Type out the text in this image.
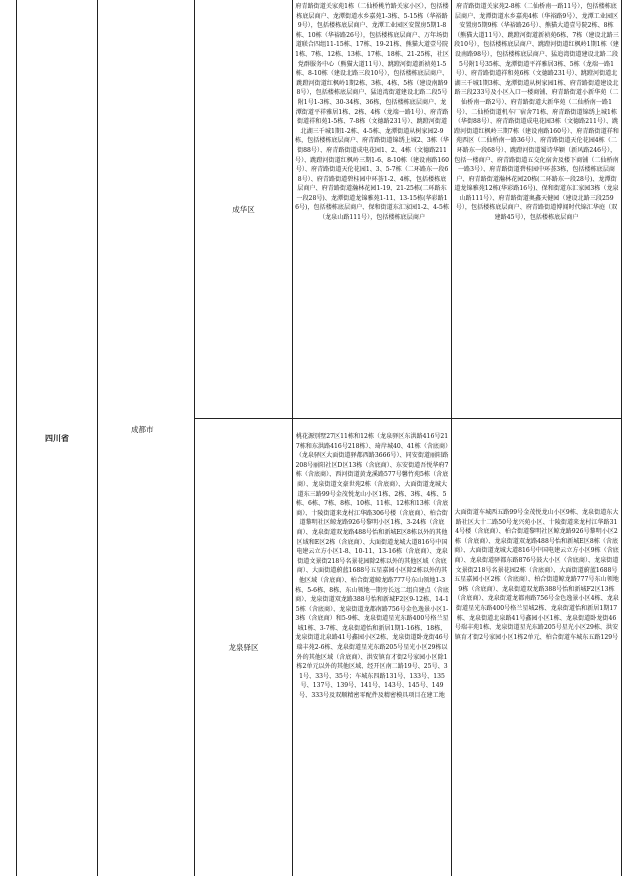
四川省
成都市
成华区
府青路街道关家苑1栋（二仙桥桃竹路关家小区），包括楼栋底层商户、龙潭街道水乡嘉苑1-3栋、5-15栋（华裕路9号），包括楼栋底层商户、龙潭工业园区安置房5期1-8栋、10栋（华裕路26号），包括楼栋底层商户、万年场街道联合四组11-15栋、17栋、19-21栋、熊猫大道壹号院1栋、7栋、12栋、13栋、17栋、18栋、21-25栋，社区党群服务中心（熊猫大道11号）、跳蹬河街道新祯苑1-5栋、8-10栋（建设北路三段10号），包括楼栋底层商户、跳蹬河街道红枫岭1期2栋、3栋、4栋、5栋（建设南路98号），包括楼栋底层商户、猛追湾街道建设北路二段5号附1号1-3栋、30-34栋、36栋，包括楼栋底层商户、龙潭街道平祥雅居1栋、2栋、4栋（龙端一路1号）、府青路街道祥和苑1-5栋、7-8栋（文德路231号）、跳蹬河街道北湖三千城1期1-2栋、4-5栋、龙潭街道从树家园2-9栋，包括楼栋底层商户、府青路街道锦绣上城2、3栋（华街88号）、府青路街道成电花园1、2、4栋（文德路211号）、跳蹬河街道红枫岭三期1-6、8-10栋（建设南路160号）、府青路街道天伦花园1、3、5-7栋（二环路东一段68号）、府青路街道碧桂园中环荟1-2、4栋，包括楼栋底层商户、府青路街道瀚林花园1-19、21-25栋(二环路东一段28号)、龙潭街道龙锦雅苑1-11、13-15栋(华彩路16号)，包括楼栋底层商户、保和街道东汇家园1-2、4-5栋（龙泉山路111号），包括楼栋底层商户
府青路街道关家苑2-8栋（二仙桥南一路11号），包括楼栋底层商户、龙潭街道水乡嘉苑4栋（华裕路9号）、龙潭工业园区安置房5期9栋（华裕路26号）、熊猫大道壹号院2栋、8栋（熊猫大道11号）、跳蹬河街道新祯苑6栋、7栋（建设北路三段10号），包括楼栋底层商户、跳蹬河街道红枫岭1期1栋（建设南路98号），包括楼栋底层商户、猛追湾街道建设北路二段5号附1号35栋、龙潭街道平祥雅居3栋、5栋（龙端一路1号）、府青路街道祥和苑6栋（文德路231号）、跳蹬河街道北湖三千城1期3栋、龙潭街道从树家园1栋、府青路街道建设北路三段233号及小区入口一楼商铺、府青路街道小新华苑（二仙桥南一路2号）、府青路街道大新华苑（二仙桥南一路1号）、二仙桥街道机车厂宿舍71栋、府青路街道锦绣上城1栋（华街88号）、府青路街道成电花园3栋（文德路211号）、跳蹬河街道红枫岭三期7栋（建设南路160号）、府青路街道祥和苑西区（二仙桥南一路36号）、府青路街道天伦花园4栋（二环路东一段68号）、跳蹬河街道蜀诗华颖（新风路246号），包括一楼商户、府青路街道五交化宿舍及楼下商铺（二仙桥南一路3号）、府青路街道碧桂园中环荟3栋，包括楼栋底层商户、府青路街道瀚林花园20栋(二环路东一段28号)、龙潭街道龙锦雅苑12栋(华彩路16号)、保和街道东汇家园3栋（龙泉山路111号）、府青路街道奥鑫天健园（建设北路三段259号），包括楼栋底层商户、府青路街道博闻时代锦汇华庭（双建路45号），包括楼栋底层商户
龙泉驿区
桃花源别墅27区11栋和12栋（龙泉驿区东洪路416号217栋和东洪路416号218栋）、琦岸城40、41栋（含底商）（龙泉驿区大面街道驿都西路3666号）、同安街道丽阳路208号丽阳社区D区13栋（含底商）、东安街道吾悦华府7栋（含底商）、西河街道黄龙溪路577号馨竹苑5栋（含底商）、龙泉街道文豪世苑2栋（含底商）、大面街道龙城大道东三路99号金茂悦龙山小区1栋、2栋、3栋、4栋、5栋、6栋、7栋、8栋、10栋、11栋、12栋和13栋（含底商）、十陵街道来龙村江华路306号楼（含底商）、柏合街道黎明社区鲸龙路926号黎明小区1栋、3-24栋（含底商）、龙泉街道双龙路488号怡和新城E区8栋以外的其他区域和E区2栋（含底商）、大面街道龙城大道816号中国电建云立方小区1-8、10-11、13-16栋（含底商）、龙泉街道文景街218号名景花园除2栋以外的其他区域（含底商）、大面街道蔚蓝1688号五星嘉园小区除2栋以外的其他区域（含底商）、柏合街道鲸龙路777号东山领地1-3栋、5-6栋、8栋、东山领地一期旁长远二组自建点（含底商）、龙泉街道双龙路388号怡和新城F2区9-12栋、14-15栋（含底商）、龙泉街道龙都南路756号金色逸景小区1-3栋（含底商）和5-9栋、龙泉街道星光东路400号格兰星城1栋、3-7栋、龙泉街道怡和新居1期1-16栋、18栋、龙泉街道北泉路41号鑫园小区2栋、龙泉街道卧龙街46号瑞丰苑2-6栋、龙泉街道星光东路205号星光小区29栋以外的其他区域（含底商）、洪安镇育才街2号家园小区除1栋2单元以外的其他区域、经开区南二路19号、25号、31号、33号、35号；车城东四路131号、133号、135号、137号、139号、141号、143号、145号、149号、333号及双顺精密零配件及精密模具项目在建工地
大面街道车城西五路99号金茂悦龙山小区9栋、龙泉街道东大路社区大十二路50号龙兴苑小区、十陵街道来龙村江华路314号楼（含底商）、柏合街道黎明社区鲸龙路926号黎明小区2栋（含底商）、龙泉街道双龙路488号怡和新城E区8栋（含底商）、大面街道龙城大道816号中国电建云立方小区9栋（含底商）、龙泉街道驿都东路876号鼓大小区（含底商）、龙泉街道文景街218号名景花园2栋（含底商）、大面街道蔚蓝1688号五星嘉园小区2栋（含底商）、柏合街道鲸龙路777号东山领地9栋（含底商）、龙泉街道双龙路388号怡和新城F2区13栋（含底商）、龙泉街道龙都南路756号金色逸景小区4栋、龙泉街道星光东路400号格兰星城2栋、龙泉街道怡和新居1期17栋、龙泉街道北泉路41号鑫园小区1栋、龙泉街道卧龙街46号瑞丰苑1栋、龙泉街道星光东路205号星光小区29栋、洪安镇育才街2号家园小区1栋2单元、柏合街道车城东五路129号
